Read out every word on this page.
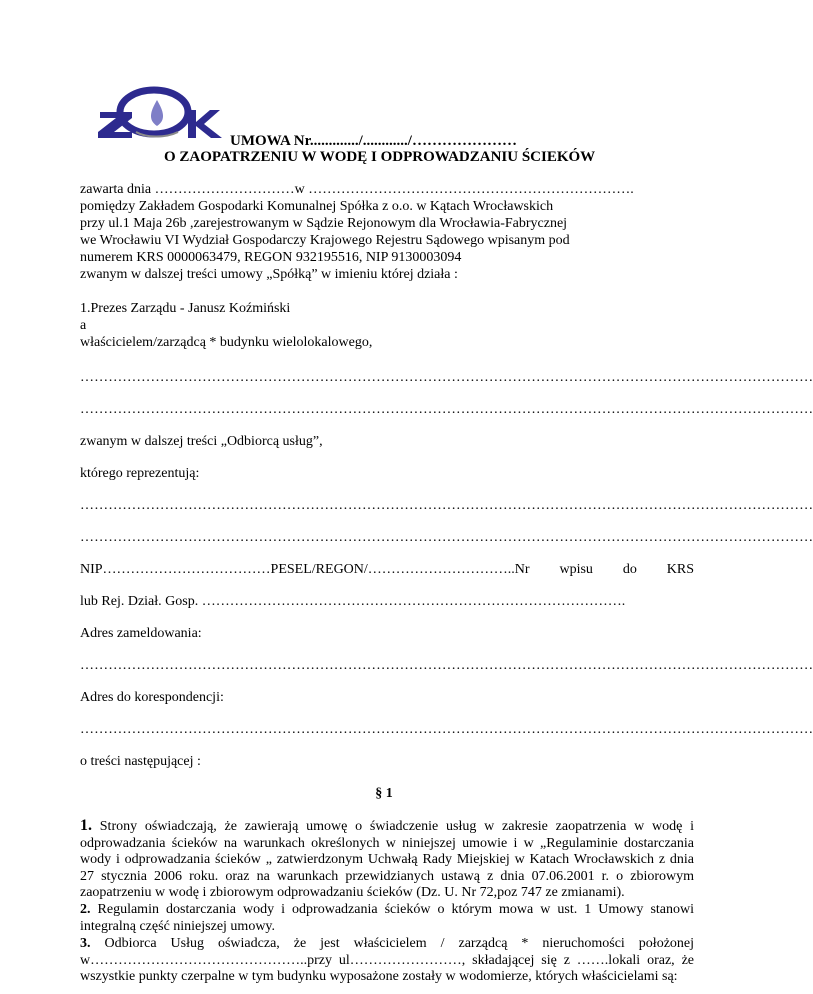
UMOWA Nr............./............/…………………
O ZAOPATRZENIU W WODĘ I ODPROWADZANIU ŚCIEKÓW
zawarta dnia …………………………w …………………………………………………………….
pomiędzy Zakładem Gospodarki Komunalnej Spółka z o.o. w Kątach Wrocławskich
przy ul.1 Maja 26b ,zarejestrowanym w Sądzie Rejonowym dla Wrocławia-Fabrycznej
we Wrocławiu VI Wydział Gospodarczy Krajowego Rejestru Sądowego wpisanym pod
numerem KRS 0000063479, REGON 932195516, NIP 9130003094
zwanym w dalszej treści umowy „Spółką” w imieniu której działa :
1.Prezes Zarządu - Janusz Koźmiński
a
właścicielem/zarządcą * budynku wielolokalowego,
…………………………………………………………………………………………………………………………………………
…………………………………………………………………………………………………………………………………………
zwanym w dalszej treści „Odbiorcą usług”,
którego reprezentują:
…………………………………………………………………………………………………………………………………………
…………………………………………………………………………………………………………………………………………
NIP………………………………PESEL/REGON/…………………………..Nr wpisu do KRS
lub Rej. Dział. Gosp. ……………………………………………………………………………….
Adres zameldowania:
…………………………………………………………………………………………………………………………………………
Adres do korespondencji:
…………………………………………………………………………………………………………………………………………
o treści następującej :
§ 1
1. Strony oświadczają, że zawierają umowę o świadczenie usług w zakresie zaopatrzenia w wodę i odprowadzania ścieków na warunkach określonych w niniejszej umowie i w „Regulaminie dostarczania wody i odprowadzania ścieków „ zatwierdzonym Uchwałą Rady Miejskiej w Katach Wrocławskich z dnia 27 stycznia 2006 roku. oraz na warunkach przewidzianych ustawą z dnia 07.06.2001 r. o zbiorowym zaopatrzeniu w wodę i zbiorowym odprowadzaniu ścieków (Dz. U. Nr 72,poz 747 ze zmianami).
2. Regulamin dostarczania wody i odprowadzania ścieków o którym mowa w ust. 1 Umowy stanowi integralną część niniejszej umowy.
3. Odbiorca Usług oświadcza, że jest właścicielem / zarządcą * nieruchomości położonej w………………………………………..przy ul……………………, składającej się z …….lokali oraz, że wszystkie punkty czerpalne w tym budynku wyposażone zostały w wodomierze, których właścicielami są:
